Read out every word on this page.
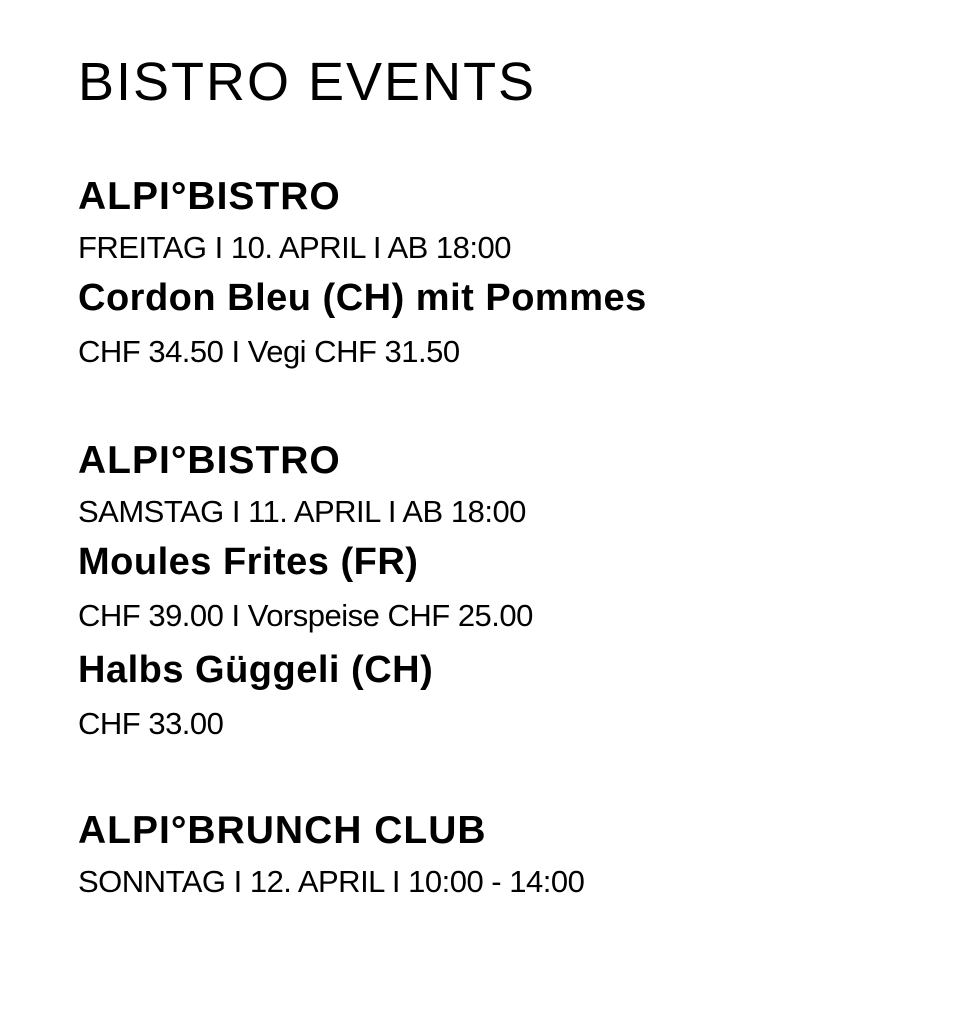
BISTRO EVENTS
ALPI°BISTRO
FREITAG I 10. APRIL I AB 18:00
Cordon Bleu (CH) mit Pommes
CHF 34.50 I Vegi CHF 31.50
ALPI°BISTRO
SAMSTAG I 11. APRIL I AB 18:00
Moules Frites (FR)
CHF 39.00 I Vorspeise CHF 25.00
Halbs Güggeli (CH)
CHF 33.00
ALPI°BRUNCH CLUB
SONNTAG I 12. APRIL I 10:00 - 14:00
